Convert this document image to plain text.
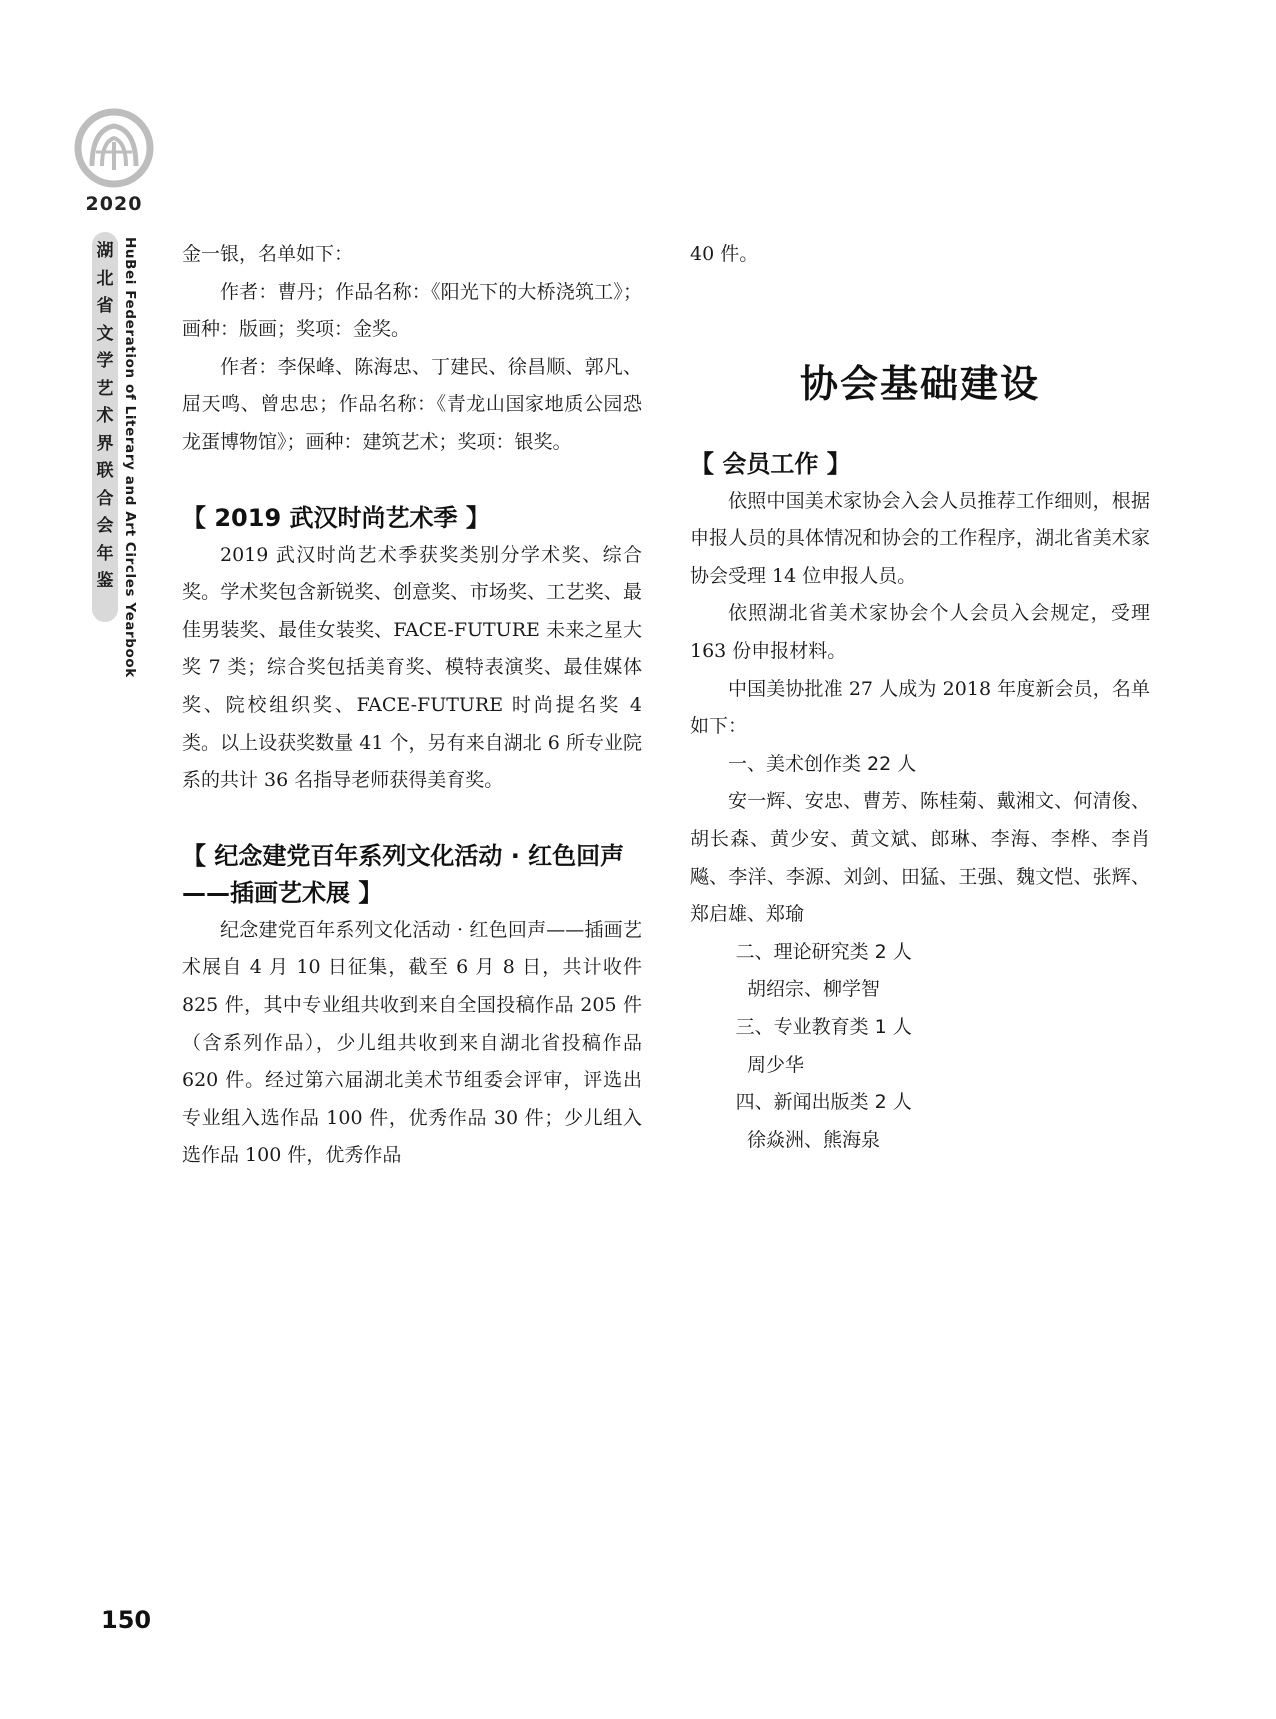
2020
湖
北
省
文
学
艺
术
界
联
合
会
年
鉴 HuBei Federation of Literary and Art Circles Yearbook 金一银，名单如下：

作者：曹丹；作品名称：《阳光下的大桥浇筑工》；画种：版画；奖项：金奖。

作者：李保峰、陈海忠、丁建民、徐昌顺、郭凡、屈天鸣、曾忠忠；作品名称：《青龙山国家地质公园恐龙蛋博物馆》；画种：建筑艺术；奖项：银奖。

【 2019 武汉时尚艺术季 】

2019 武汉时尚艺术季获奖类别分学术奖、综合奖。学术奖包含新锐奖、创意奖、市场奖、工艺奖、最佳男装奖、最佳女装奖、FACE-FUTURE 未来之星大奖 7 类；综合奖包括美育奖、模特表演奖、最佳媒体奖、院校组织奖、FACE-FUTURE 时尚提名奖 4 类。以上设获奖数量 41 个，另有来自湖北 6 所专业院系的共计 36 名指导老师获得美育奖。

【 纪念建党百年系列文化活动 · 红色回声——插画艺术展 】

纪念建党百年系列文化活动 · 红色回声——插画艺术展自 4 月 10 日征集，截至 6 月 8 日，共计收件 825 件，其中专业组共收到来自全国投稿作品 205 件（含系列作品），少儿组共收到来自湖北省投稿作品 620 件。经过第六届湖北美术节组委会评审，评选出专业组入选作品 100 件，优秀作品 30 件；少儿组入选作品 100 件，优秀作品

40 件。

协会基础建设
【 会员工作 】

依照中国美术家协会入会人员推荐工作细则，根据申报人员的具体情况和协会的工作程序，湖北省美术家协会受理 14 位申报人员。

依照湖北省美术家协会个人会员入会规定，受理 163 份申报材料。

中国美协批准 27 人成为 2018 年度新会员，名单如下：

一、美术创作类 22 人

安一辉、安忠、曹芳、陈桂菊、戴湘文、何清俊、胡长森、黄少安、黄文斌、郎琳、李海、李桦、李肖飚、李洋、李源、刘剑、田猛、王强、魏文恺、张辉、郑启雄、郑瑜

二、理论研究类 2 人

胡绍宗、柳学智

三、专业教育类 1 人

周少华

四、新闻出版类 2 人

徐焱洲、熊海泉

150
